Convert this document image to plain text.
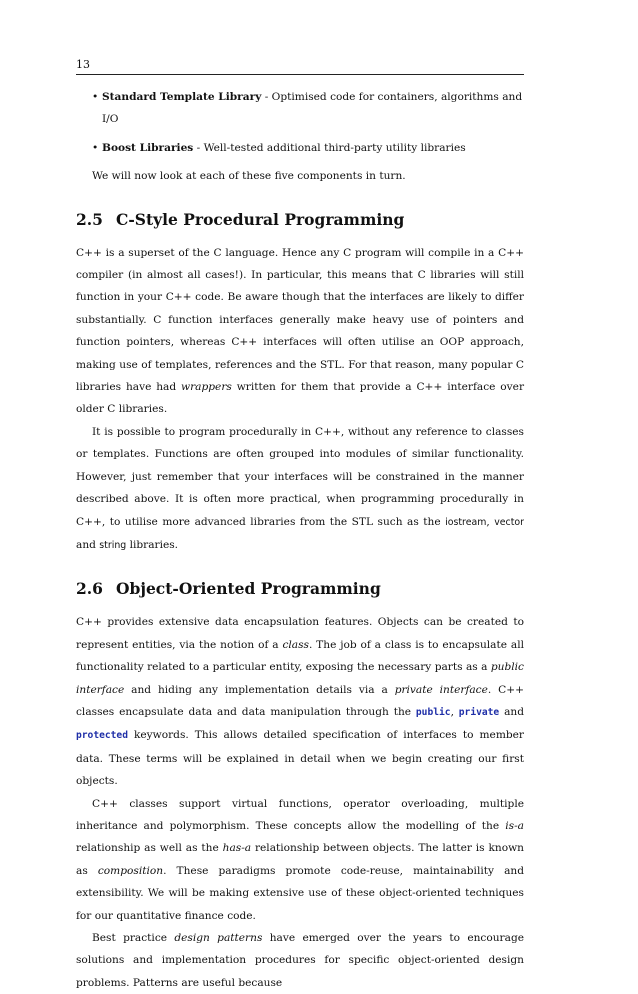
13
• Standard Template Library - Optimised code for containers, algorithms and I/O
• Boost Libraries - Well-tested additional third-party utility libraries

We will now look at each of these five components in turn.

2.5 C-Style Procedural Programming

C++ is a superset of the C language. Hence any C program will compile in a C++ compiler (in almost all cases!). In particular, this means that C libraries will still function in your C++ code. Be aware though that the interfaces are likely to differ substantially. C function interfaces generally make heavy use of pointers and function pointers, whereas C++ interfaces will often utilise an OOP approach, making use of templates, references and the STL. For that reason, many popular C libraries have had wrappers written for them that provide a C++ interface over older C libraries.

It is possible to program procedurally in C++, without any reference to classes or templates. Functions are often grouped into modules of similar functionality. However, just remember that your interfaces will be constrained in the manner described above. It is often more practical, when programming procedurally in C++, to utilise more advanced libraries from the STL such as the iostream, vector and string libraries.

2.6 Object-Oriented Programming

C++ provides extensive data encapsulation features. Objects can be created to represent entities, via the notion of a class. The job of a class is to encapsulate all functionality related to a particular entity, exposing the necessary parts as a public interface and hiding any implementation details via a private interface. C++ classes encapsulate data and data manipulation through the public, private and protected keywords. This allows detailed specification of interfaces to member data. These terms will be explained in detail when we begin creating our first objects.

C++ classes support virtual functions, operator overloading, multiple inheritance and polymorphism. These concepts allow the modelling of the is-a relationship as well as the has-a relationship between objects. The latter is known as composition. These paradigms promote code-reuse, maintainability and extensibility. We will be making extensive use of these object-oriented techniques for our quantitative finance code.

Best practice design patterns have emerged over the years to encourage solutions and implementation procedures for specific object-oriented design problems. Patterns are useful because
